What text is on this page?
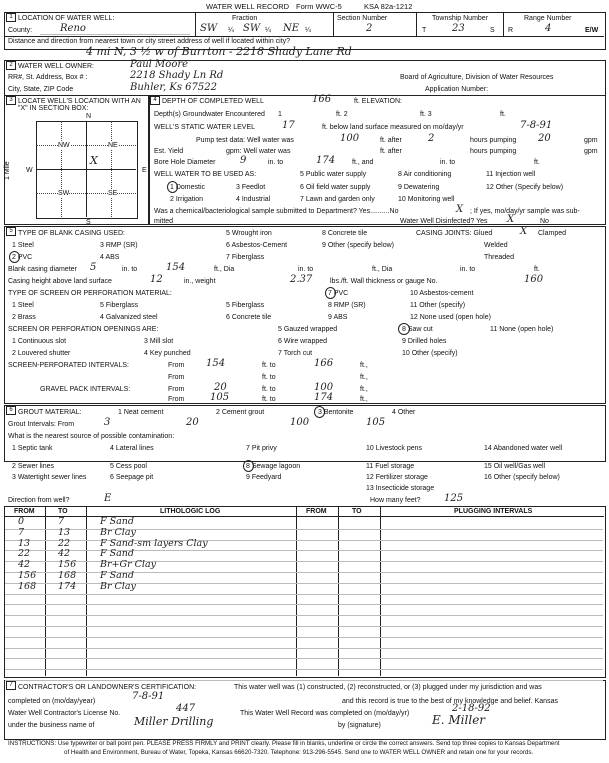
WATER WELL RECORD Form WWC-5	KSA 82a-1212
1 LOCATION OF WATER WELL:	Fraction	Section Number	Township Number	Range Number
County:	Reno	SW ¼ SW ¼ NE ¼	2	T	23	S R	4	E/W
Distance and direction from nearest town or city street address of well if located within city?
4 mi N, 3 ½ w of Burrton - 2218 Shady Lane Rd
2 WATER WELL OWNER:	Paul Moore
RR#, St. Address, Box # :	2218 Shady Ln Rd
City, State, ZIP Code	Buhler, Ks 67522
Board of Agriculture, Division of Water Resources
Application Number:
3 LOCATE WELL'S LOCATION WITH AN "X" IN SECTION BOX:
N
S
W	E
1 Mile
NW	NE
SW	SE
X
4 DEPTH OF COMPLETED WELL	166	ft. ELEVATION:
Depth(s) Groundwater Encountered 1	ft. 2	ft. 3	ft.
WELL'S STATIC WATER LEVEL	17	ft. below land surface measured on mo/day/yr	7-8-91
Pump test data: Well water was	100	ft. after	2	hours pumping 20	gpm
Est. Yield	gpm: Well water was	ft. after	hours pumping	gpm
Bore Hole Diameter 9	in. to	174 ft., and	in. to	ft.
WELL WATER TO BE USED AS:	5 Public water supply	8 Air conditioning	11 Injection well
1 Domestic	3 Feedlot	6 Oil field water supply	9 Dewatering	12 Other (Specify below)
2 Irrigation	4 Industrial	7 Lawn and garden only	10 Monitoring well
Was a chemical/bacteriological sample submitted to Department? Yes..........No	X ; If yes, mo/day/yr sample was sub-
mitted	Water Well Disinfected? Yes X	No
5 TYPE OF BLANK CASING USED:	5 Wrought iron	8 Concrete tile	CASING JOINTS: Glued	X Clamped
1 Steel	3 RMP (SR)	6 Asbestos-Cement	9 Other (specify below)	Welded
2 PVC	4 ABS	7 Fiberglass	Threaded
Blank casing diameter 5	in. to	154	ft., Dia	in. to	ft., Dia	in. to	ft.
Casing height above land surface	12	in., weight	2.37	lbs./ft. Wall thickness or gauge No.	160
TYPE OF SCREEN OR PERFORATION MATERIAL:	7 PVC	10 Asbestos-cement
1 Steel	5 Fiberglass	5 Fiberglass	8 RMP (SR)	11 Other (specify)
2 Brass	4 Galvanized steel	6 Concrete tile	9 ABS	12 None used (open hole)
SCREEN OR PERFORATION OPENINGS ARE:	5 Gauzed wrapped	8 Saw cut	11 None (open hole)
1 Continuous slot	3 Mill slot	6 Wire wrapped	9 Drilled holes
2 Louvered shutter	4 Key punched	7 Torch cut	10 Other (specify)
SCREEN-PERFORATED INTERVALS:	From 154	ft. to	166	ft.,
From	ft. to	ft.,
GRAVEL PACK INTERVALS:	From	20	ft. to	100	ft.,
From	105	ft. to	174	ft.,
6 GROUT MATERIAL:	1 Neat cement	2 Cement grout	3 Bentonite	4 Other
Grout Intervals: From	3	20	100	105
What is the nearest source of possible contamination:
1 Septic tank	4 Lateral lines	7 Pit privy	10 Livestock pens	14 Abandoned water well
2 Sewer lines	5 Cess pool	8 Sewage lagoon	11 Fuel storage	15 Oil well/Gas well
3 Watertight sewer lines	6 Seepage pit	9 Feedyard	12 Fertilizer storage	16 Other (specify below)
13 Insecticide storage
Direction from well?	E	How many feet? 125
FROM	TO	LITHOLOGIC LOG	FROM	TO	PLUGGING INTERVALS
7 CONTRACTOR'S OR LANDOWNER'S CERTIFICATION:	This water well was (1) constructed, (2) reconstructed, or (3) plugged under my jurisdiction and was
completed on (mo/day/year)	7-8-91	and this record is true to the best of my knowledge and belief. Kansas
Water Well Contractor's License No.	447	This Water Well Record was completed on (mo/day/yr)	2-18-92
under the business name of	Miller Drilling	by (signature)	E. Miller
INSTRUCTIONS: Use typewriter or ball point pen. PLEASE PRESS FIRMLY and PRINT clearly. Please fill in blanks, underline or circle the correct answers. Send top three copies to Kansas Department
of Health and Environment, Bureau of Water, Topeka, Kansas 66620-7320. Telephone: 913-296-5545. Send one to WATER WELL OWNER and retain one for your records.
0	7	F Sand
7	13	Br Clay
13	22	F Sand-sm layers Clay
22	42	F Sand
42	156	Br+Gr Clay
156 168	F Sand
168 174	Br Clay
